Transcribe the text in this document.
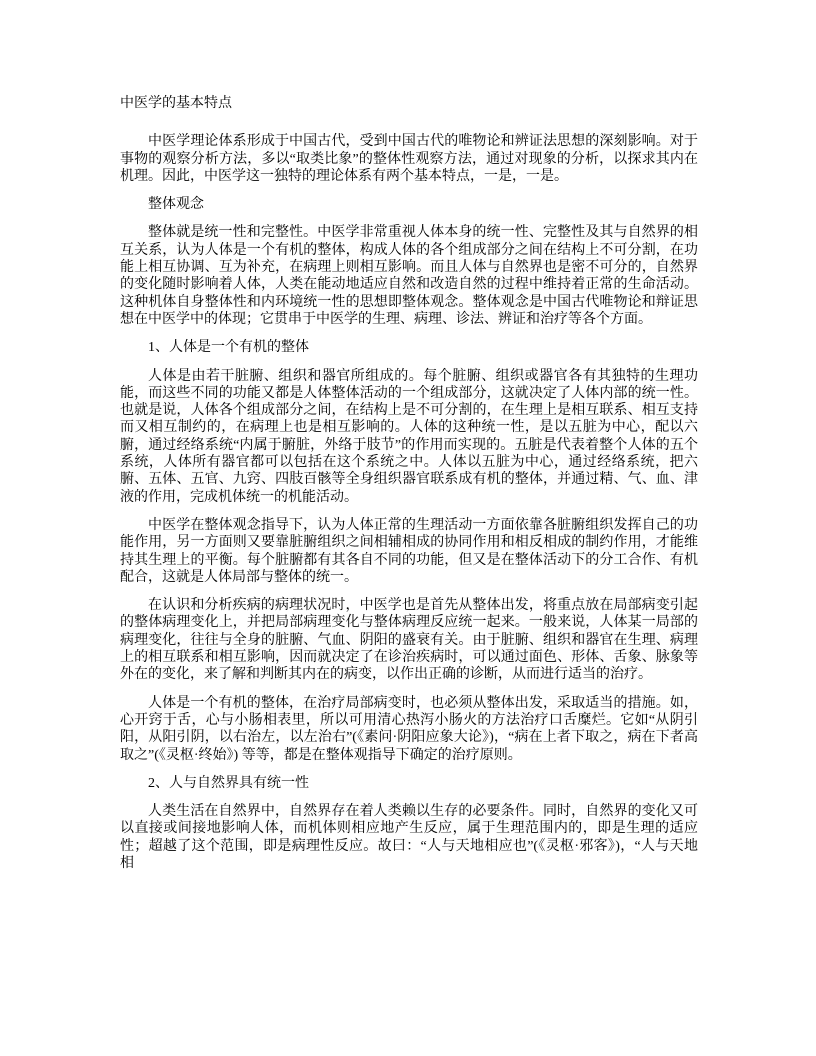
中医学的基本特点

中医学理论体系形成于中国古代，受到中国古代的唯物论和辨证法思想的深刻影响。对于事物的观察分析方法，多以“取类比象”的整体性观察方法，通过对现象的分析，以探求其内在机理。因此，中医学这一独特的理论体系有两个基本特点，一是，一是。

整体观念

整体就是统一性和完整性。中医学非常重视人体本身的统一性、完整性及其与自然界的相互关系，认为人体是一个有机的整体，构成人体的各个组成部分之间在结构上不可分割，在功能上相互协调、互为补充，在病理上则相互影响。而且人体与自然界也是密不可分的，自然界的变化随时影响着人体，人类在能动地适应自然和改造自然的过程中维持着正常的生命活动。这种机体自身整体性和内环境统一性的思想即整体观念。整体观念是中国古代唯物论和辩证思想在中医学中的体现；它贯串于中医学的生理、病理、诊法、辨证和治疗等各个方面。

1、人体是一个有机的整体

人体是由若干脏腑、组织和器官所组成的。每个脏腑、组织或器官各有其独特的生理功能，而这些不同的功能又都是人体整体活动的一个组成部分，这就决定了人体内部的统一性。也就是说，人体各个组成部分之间，在结构上是不可分割的，在生理上是相互联系、相互支持而又相互制约的，在病理上也是相互影响的。人体的这种统一性，是以五脏为中心，配以六腑，通过经络系统“内属于腑脏，外络于肢节”的作用而实现的。五脏是代表着整个人体的五个系统，人体所有器官都可以包括在这个系统之中。人体以五脏为中心，通过经络系统，把六腑、五体、五官、九窍、四肢百骸等全身组织器官联系成有机的整体，并通过精、气、血、津液的作用，完成机体统一的机能活动。

中医学在整体观念指导下，认为人体正常的生理活动一方面依靠各脏腑组织发挥自己的功能作用，另一方面则又要靠脏腑组织之间相辅相成的协同作用和相反相成的制约作用，才能维持其生理上的平衡。每个脏腑都有其各自不同的功能，但又是在整体活动下的分工合作、有机配合，这就是人体局部与整体的统一。

在认识和分析疾病的病理状况时，中医学也是首先从整体出发，将重点放在局部病变引起的整体病理变化上，并把局部病理变化与整体病理反应统一起来。一般来说，人体某一局部的病理变化，往往与全身的脏腑、气血、阴阳的盛衰有关。由于脏腑、组织和器官在生理、病理上的相互联系和相互影响，因而就决定了在诊治疾病时，可以通过面色、形体、舌象、脉象等外在的变化，来了解和判断其内在的病变，以作出正确的诊断，从而进行适当的治疗。

人体是一个有机的整体，在治疗局部病变时，也必须从整体出发，采取适当的措施。如，心开窍于舌，心与小肠相表里，所以可用清心热泻小肠火的方法治疗口舌糜烂。它如“从阴引阳，从阳引阴，以右治左，以左治右”(《素问·阴阳应象大论》)，“病在上者下取之，病在下者高取之”(《灵枢·终始》) 等等，都是在整体观指导下确定的治疗原则。

2、人与自然界具有统一性

人类生活在自然界中，自然界存在着人类赖以生存的必要条件。同时，自然界的变化又可以直接或间接地影响人体，而机体则相应地产生反应，属于生理范围内的，即是生理的适应性；超越了这个范围，即是病理性反应。故曰：“人与天地相应也”(《灵枢·邪客》)，“人与天地相
